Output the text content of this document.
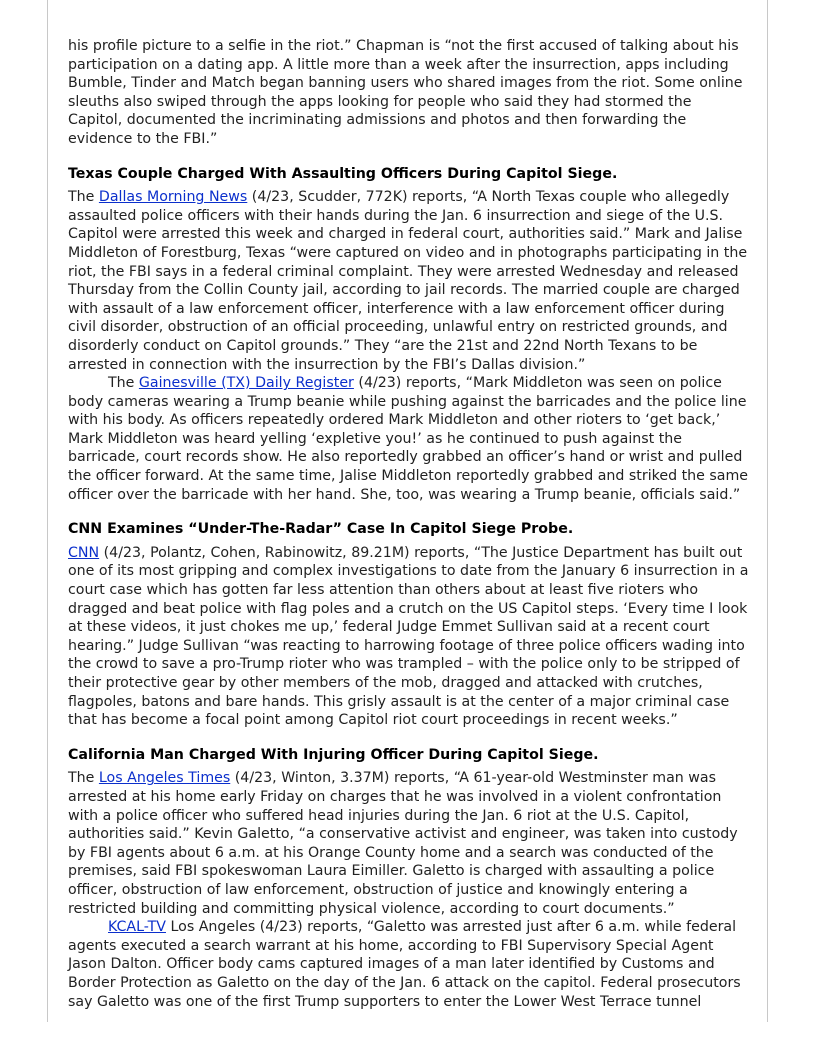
his profile picture to a selfie in the riot.” Chapman is “not the first accused of talking about his participation on a dating app. A little more than a week after the insurrection, apps including Bumble, Tinder and Match began banning users who shared images from the riot. Some online sleuths also swiped through the apps looking for people who said they had stormed the Capitol, documented the incriminating admissions and photos and then forwarding the evidence to the FBI.”

Texas Couple Charged With Assaulting Officers During Capitol Siege.

The Dallas Morning News (4/23, Scudder, 772K) reports, “A North Texas couple who allegedly assaulted police officers with their hands during the Jan. 6 insurrection and siege of the U.S. Capitol were arrested this week and charged in federal court, authorities said.” Mark and Jalise Middleton of Forestburg, Texas “were captured on video and in photographs participating in the riot, the FBI says in a federal criminal complaint. They were arrested Wednesday and released Thursday from the Collin County jail, according to jail records. The married couple are charged with assault of a law enforcement officer, interference with a law enforcement officer during civil disorder, obstruction of an official proceeding, unlawful entry on restricted grounds, and disorderly conduct on Capitol grounds.” They “are the 21st and 22nd North Texans to be arrested in connection with the insurrection by the FBI’s Dallas division.”

The Gainesville (TX) Daily Register (4/23) reports, “Mark Middleton was seen on police body cameras wearing a Trump beanie while pushing against the barricades and the police line with his body. As officers repeatedly ordered Mark Middleton and other rioters to ‘get back,’ Mark Middleton was heard yelling ‘expletive you!’ as he continued to push against the barricade, court records show. He also reportedly grabbed an officer’s hand or wrist and pulled the officer forward. At the same time, Jalise Middleton reportedly grabbed and striked the same officer over the barricade with her hand. She, too, was wearing a Trump beanie, officials said.”

CNN Examines “Under-The-Radar” Case In Capitol Siege Probe.

CNN (4/23, Polantz, Cohen, Rabinowitz, 89.21M) reports, “The Justice Department has built out one of its most gripping and complex investigations to date from the January 6 insurrection in a court case which has gotten far less attention than others about at least five rioters who dragged and beat police with flag poles and a crutch on the US Capitol steps. ‘Every time I look at these videos, it just chokes me up,’ federal Judge Emmet Sullivan said at a recent court hearing.” Judge Sullivan “was reacting to harrowing footage of three police officers wading into the crowd to save a pro-Trump rioter who was trampled – with the police only to be stripped of their protective gear by other members of the mob, dragged and attacked with crutches, flagpoles, batons and bare hands. This grisly assault is at the center of a major criminal case that has become a focal point among Capitol riot court proceedings in recent weeks.”

California Man Charged With Injuring Officer During Capitol Siege.

The Los Angeles Times (4/23, Winton, 3.37M) reports, “A 61-year-old Westminster man was arrested at his home early Friday on charges that he was involved in a violent confrontation with a police officer who suffered head injuries during the Jan. 6 riot at the U.S. Capitol, authorities said.” Kevin Galetto, “a conservative activist and engineer, was taken into custody by FBI agents about 6 a.m. at his Orange County home and a search was conducted of the premises, said FBI spokeswoman Laura Eimiller. Galetto is charged with assaulting a police officer, obstruction of law enforcement, obstruction of justice and knowingly entering a restricted building and committing physical violence, according to court documents.”

KCAL-TV Los Angeles (4/23) reports, “Galetto was arrested just after 6 a.m. while federal agents executed a search warrant at his home, according to FBI Supervisory Special Agent Jason Dalton. Officer body cams captured images of a man later identified by Customs and Border Protection as Galetto on the day of the Jan. 6 attack on the capitol. Federal prosecutors say Galetto was one of the first Trump supporters to enter the Lower West Terrace tunnel
